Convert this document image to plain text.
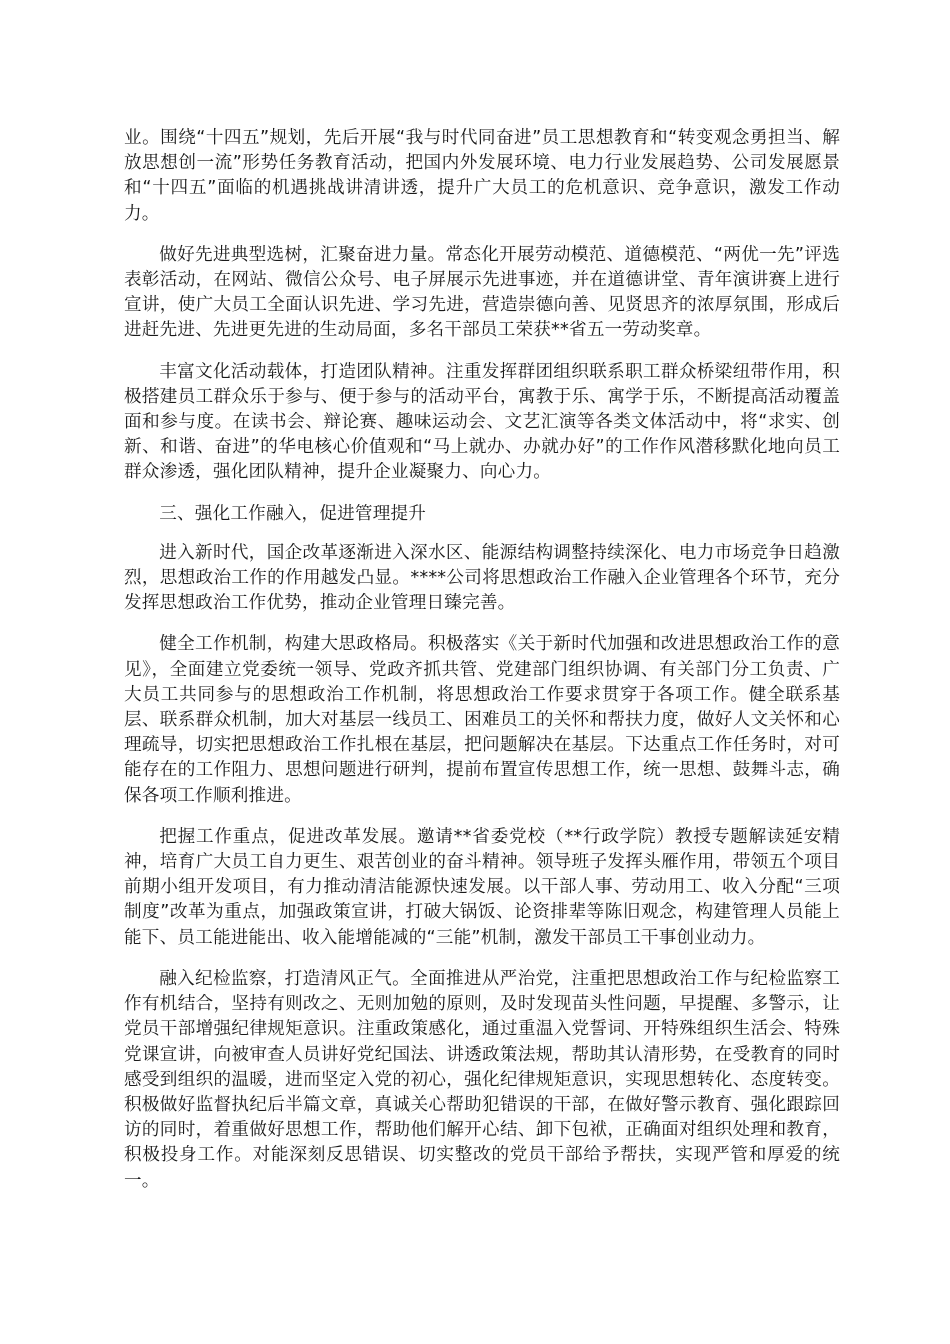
业。围绕“十四五”规划，先后开展“我与时代同奋进”员工思想教育和“转变观念勇担当、解放思想创一流”形势任务教育活动，把国内外发展环境、电力行业发展趋势、公司发展愿景和“十四五”面临的机遇挑战讲清讲透，提升广大员工的危机意识、竞争意识，激发工作动力。

做好先进典型选树，汇聚奋进力量。常态化开展劳动模范、道德模范、“两优一先”评选表彰活动，在网站、微信公众号、电子屏展示先进事迹，并在道德讲堂、青年演讲赛上进行宣讲，使广大员工全面认识先进、学习先进，营造崇德向善、见贤思齐的浓厚氛围，形成后进赶先进、先进更先进的生动局面，多名干部员工荣获**省五一劳动奖章。

丰富文化活动载体，打造团队精神。注重发挥群团组织联系职工群众桥梁纽带作用，积极搭建员工群众乐于参与、便于参与的活动平台，寓教于乐、寓学于乐，不断提高活动覆盖面和参与度。在读书会、辩论赛、趣味运动会、文艺汇演等各类文体活动中，将“求实、创新、和谐、奋进”的华电核心价值观和“马上就办、办就办好”的工作作风潜移默化地向员工群众渗透，强化团队精神，提升企业凝聚力、向心力。

三、强化工作融入，促进管理提升

进入新时代，国企改革逐渐进入深水区、能源结构调整持续深化、电力市场竞争日趋激烈，思想政治工作的作用越发凸显。****公司将思想政治工作融入企业管理各个环节，充分发挥思想政治工作优势，推动企业管理日臻完善。

健全工作机制，构建大思政格局。积极落实《关于新时代加强和改进思想政治工作的意见》，全面建立党委统一领导、党政齐抓共管、党建部门组织协调、有关部门分工负责、广大员工共同参与的思想政治工作机制，将思想政治工作要求贯穿于各项工作。健全联系基层、联系群众机制，加大对基层一线员工、困难员工的关怀和帮扶力度，做好人文关怀和心理疏导，切实把思想政治工作扎根在基层，把问题解决在基层。下达重点工作任务时，对可能存在的工作阻力、思想问题进行研判，提前布置宣传思想工作，统一思想、鼓舞斗志，确保各项工作顺利推进。

把握工作重点，促进改革发展。邀请**省委党校（**行政学院）教授专题解读延安精神，培育广大员工自力更生、艰苦创业的奋斗精神。领导班子发挥头雁作用，带领五个项目前期小组开发项目，有力推动清洁能源快速发展。以干部人事、劳动用工、收入分配“三项制度”改革为重点，加强政策宣讲，打破大锅饭、论资排辈等陈旧观念，构建管理人员能上能下、员工能进能出、收入能增能减的“三能”机制，激发干部员工干事创业动力。

融入纪检监察，打造清风正气。全面推进从严治党，注重把思想政治工作与纪检监察工作有机结合，坚持有则改之、无则加勉的原则，及时发现苗头性问题，早提醒、多警示，让党员干部增强纪律规矩意识。注重政策感化，通过重温入党誓词、开特殊组织生活会、特殊党课宣讲，向被审查人员讲好党纪国法、讲透政策法规，帮助其认清形势，在受教育的同时感受到组织的温暖，进而坚定入党的初心，强化纪律规矩意识，实现思想转化、态度转变。积极做好监督执纪后半篇文章，真诚关心帮助犯错误的干部，在做好警示教育、强化跟踪回访的同时，着重做好思想工作，帮助他们解开心结、卸下包袱，正确面对组织处理和教育，积极投身工作。对能深刻反思错误、切实整改的党员干部给予帮扶，实现严管和厚爱的统一。
